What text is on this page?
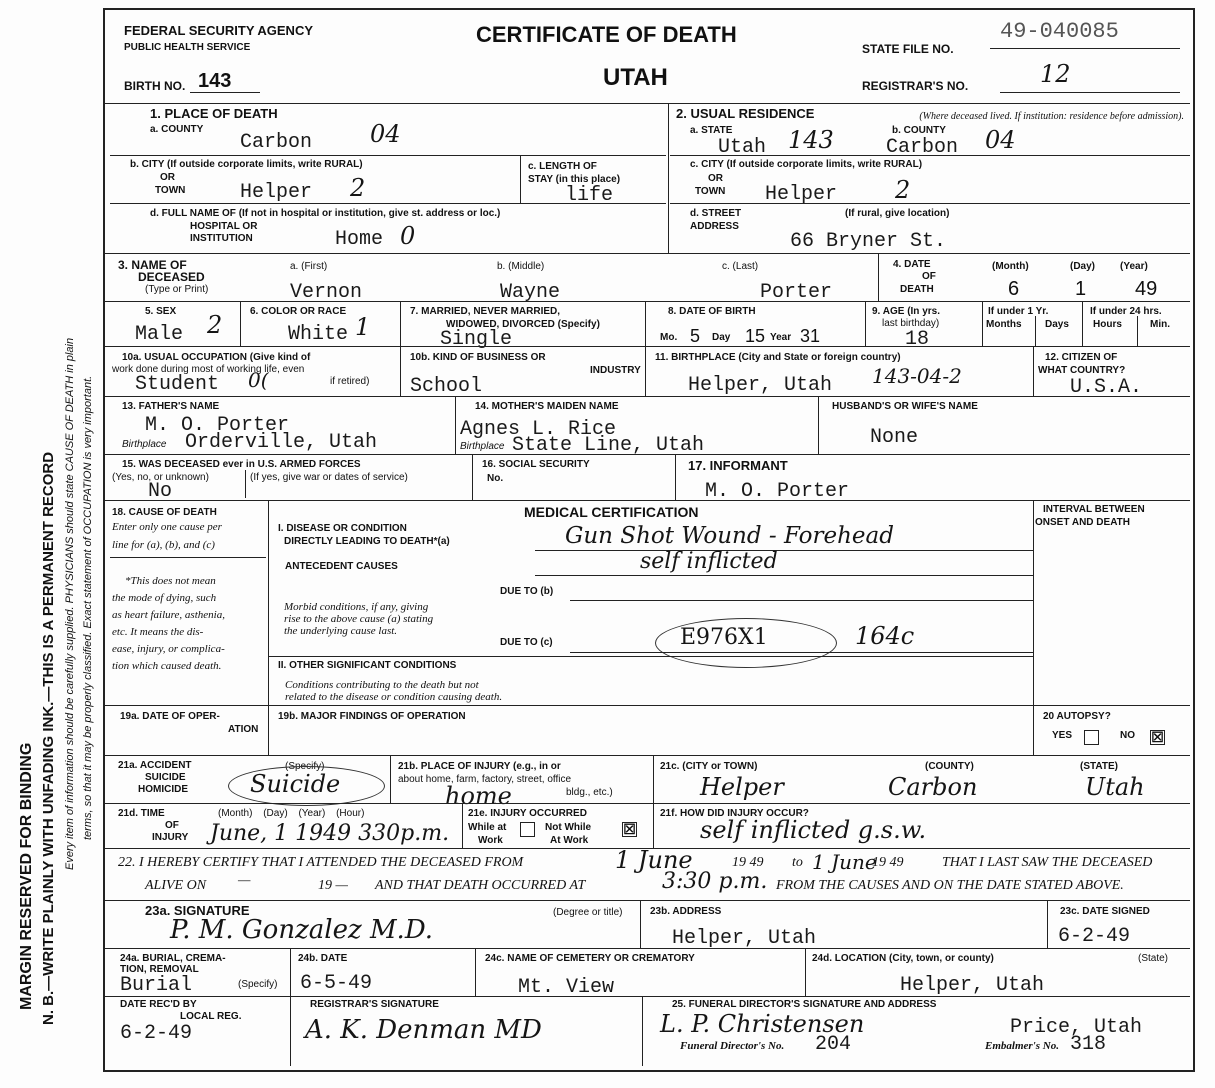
MARGIN RESERVED FOR BINDING N. B.—WRITE PLAINLY WITH UNFADING INK.—THIS IS A PERMANENT RECORD Every item of information should be carefully supplied. PHYSICIANS should state CAUSE OF DEATH in plain terms, so that it may be properly classified. Exact statement of OCCUPATION is very important.
FEDERAL SECURITY AGENCY
PUBLIC HEALTH SERVICE
CERTIFICATE OF DEATH
UTAH
STATE FILE NO.
49-040085
BIRTH NO. 143	REGISTRAR'S NO.	12
1. PLACE OF DEATH
a. COUNTY
Carbon 04
b. CITY (If outside corporate limits, write RURAL)
OR
TOWN	Helper 2
c. LENGTH OF
STAY (in this place)
life
d. FULL NAME OF (If not in hospital or institution, give st. address or loc.)
HOSPITAL OR
INSTITUTION	Home 0
2. USUAL RESIDENCE	(Where deceased lived. If institution: residence before admission).
a. STATE
Utah 143	b. COUNTY
Carbon 04
c. CITY (If outside corporate limits, write RURAL)
OR
TOWN Helper 2
d. STREET
ADDRESS
(If rural, give location)
66 Bryner St.
3. NAME OF
DECEASED
(Type or Print)
a. (First)
Vernon
b. (Middle)
Wayne
c. (Last)
Porter
4. DATE
OF
DEATH
(Month)	(Day) (Year)
6	1 49
5. SEX
Male 2	6. COLOR OR RACE
White 1
7. MARRIED, NEVER MARRIED,
WIDOWED, DIVORCED (Specify)
Single
8. DATE OF BIRTH
Mo. 5 Day 15 Year 31
9. AGE (In yrs.
last birthday)
18
If under 1 Yr.
Months Days
If under 24 hrs.
Hours	Min.
10a. USUAL OCCUPATION (Give kind of
work done during most of working life, even
if retired)
Student 0(
10b. KIND OF BUSINESS OR
INDUSTRY
School
11. BIRTHPLACE (City and State or foreign country)
Helper, Utah 143-04-2
12. CITIZEN OF
WHAT COUNTRY?
U.S.A.
13. FATHER'S NAME
M. O. Porter
Birthplace Orderville, Utah
14. MOTHER'S MAIDEN NAME
Agnes L. Rice
Birthplace State Line, Utah
HUSBAND'S OR WIFE'S NAME
None
15. WAS DECEASED ever in U.S. ARMED FORCES
(Yes, no, or unknown)	(If yes, give war or dates of service)
No
16. SOCIAL SECURITY
No.
17. INFORMANT
M. O. Porter
18. CAUSE OF DEATH
Enter only one cause per
line for (a), (b), and (c)
*This does not mean
the mode of dying, such
as heart failure, asthenia,
etc. It means the dis-
ease, injury, or complica-
tion which caused death.
MEDICAL CERTIFICATION	INTERVAL BETWEEN
ONSET AND DEATH
I. DISEASE OR CONDITION
DIRECTLY LEADING TO DEATH*(a)	Gun Shot Wound - Forehead
ANTECEDENT CAUSES	self inflicted
Morbid conditions, if any, giving
rise to the above cause (a) stating
the underlying cause last.
DUE TO (b)
DUE TO (c)	E976X1	164c
II. OTHER SIGNIFICANT CONDITIONS
Conditions contributing to the death but not
related to the disease or condition causing death.
19a. DATE OF OPER-
ATION
19b. MAJOR FINDINGS OF OPERATION	20 AUTOPSY?
YES	NO ☒
21a. ACCIDENT
SUICIDE
HOMICIDE
(Specify)
Suicide
21b. PLACE OF INJURY (e.g., in or
about home, farm, factory, street, office
bldg., etc.)
home
21c. (CITY or TOWN)
Helper
(COUNTY)
Carbon
(STATE)
Utah
21d. TIME
OF
INJURY
(Month) (Day) (Year) (Hour)
June, 1 1949 330p.m.
21e. INJURY OCCURRED
While at
Work
Not While
At Work
☒
21f. HOW DID INJURY OCCUR?
self inflicted g.s.w.
22. I HEREBY CERTIFY THAT I ATTENDED THE DECEASED FROM	1 June	19 49 to 1 June
19 49	THAT I LAST SAW THE DECEASED
ALIVE ON —	19 — AND THAT DEATH OCCURRED AT	3:30 p.m. FROM THE CAUSES AND ON THE DATE STATED ABOVE.
23a. SIGNATURE	(Degree or title)
P. M. Gonzalez M.D.
23b. ADDRESS
Helper, Utah
23c. DATE SIGNED
6-2-49
24a. BURIAL, CREMA-
TION, REMOVAL
(Specify)
Burial
24b. DATE
6-5-49
24c. NAME OF CEMETERY OR CREMATORY
Mt. View
24d. LOCATION (City, town, or county)	(State)
Helper, Utah
DATE REC'D BY
LOCAL REG.
6-2-49
REGISTRAR'S SIGNATURE
A. K. Denman MD
25. FUNERAL DIRECTOR'S SIGNATURE AND ADDRESS
L. P. Christensen	Price, Utah
Funeral Director's No. 204	Embalmer's No. 318
